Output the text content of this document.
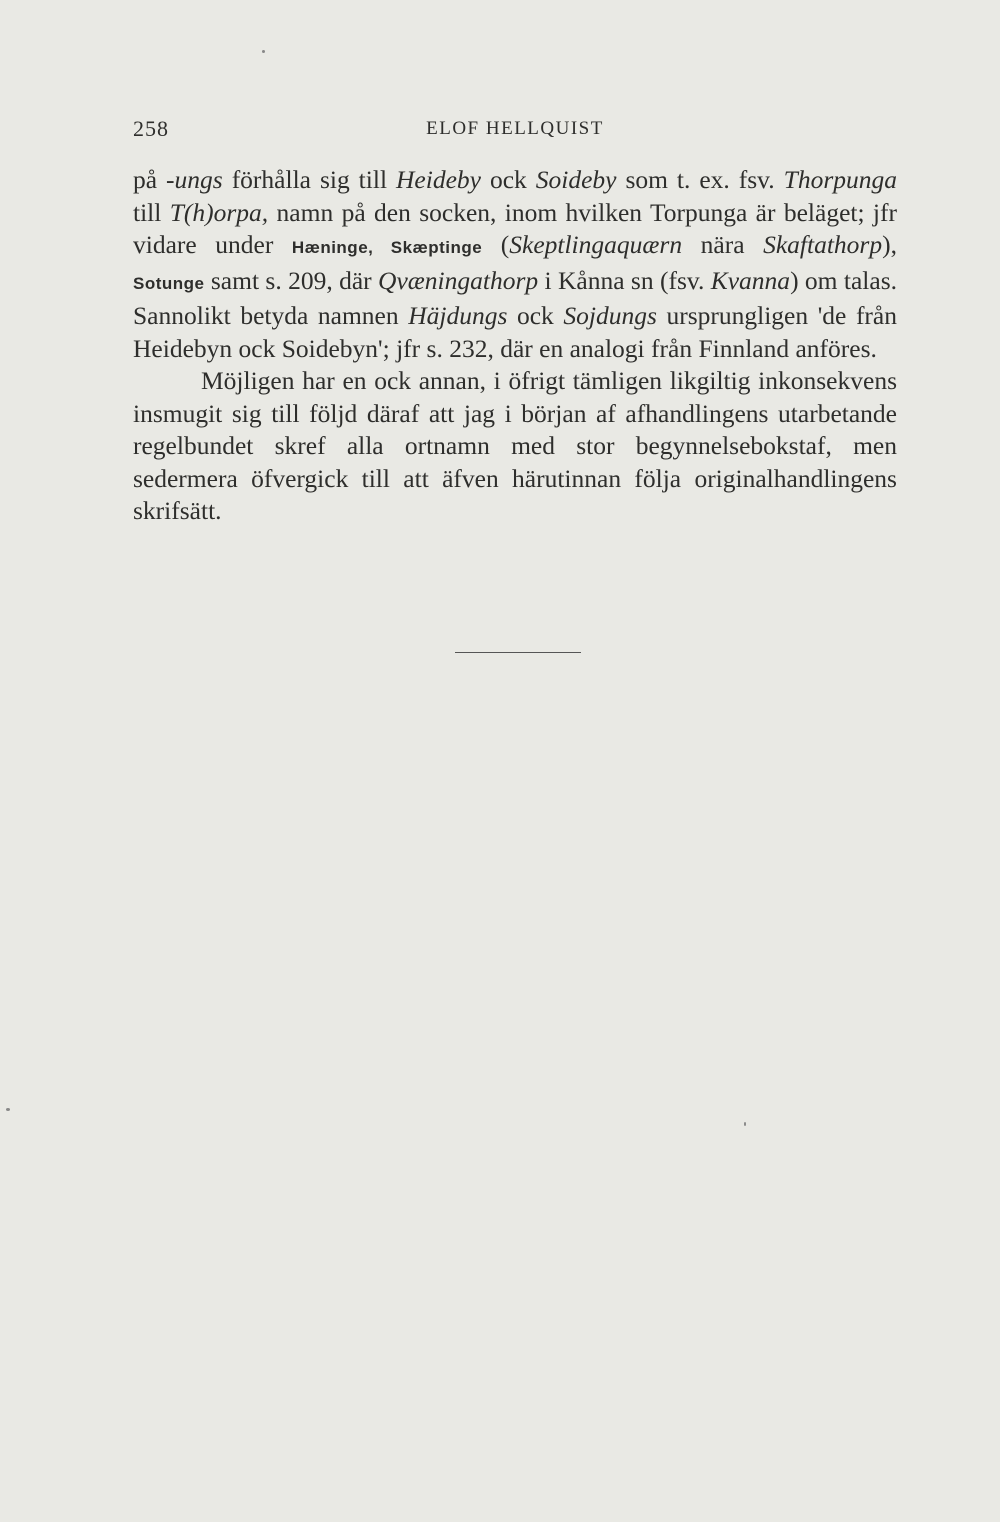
258	ELOF HELLQUIST

på -ungs förhålla sig till Heideby ock Soideby som t. ex. fsv. Thorpunga till T(h)orpa, namn på den socken, inom hvilken Torpunga är beläget; jfr vidare under Hæninge, Skæptinge (Skeptlingaquærn nära Skaftathorp), Sotunge samt s. 209, där Qvæningathorp i Kånna sn (fsv. Kvanna) om talas. Sannolikt betyda namnen Häjdungs ock Sojdungs ursprungligen 'de från Heidebyn ock Soidebyn'; jfr s. 232, där en analogi från Finnland anföres.

Möjligen har en ock annan, i öfrigt tämligen likgiltig inkonsekvens insmugit sig till följd däraf att jag i början af afhandlingens utarbetande regelbundet skref alla ortnamn med stor begynnelsebokstaf, men sedermera öfvergick till att äfven härutinnan följa originalhandlingens skrifsätt.
